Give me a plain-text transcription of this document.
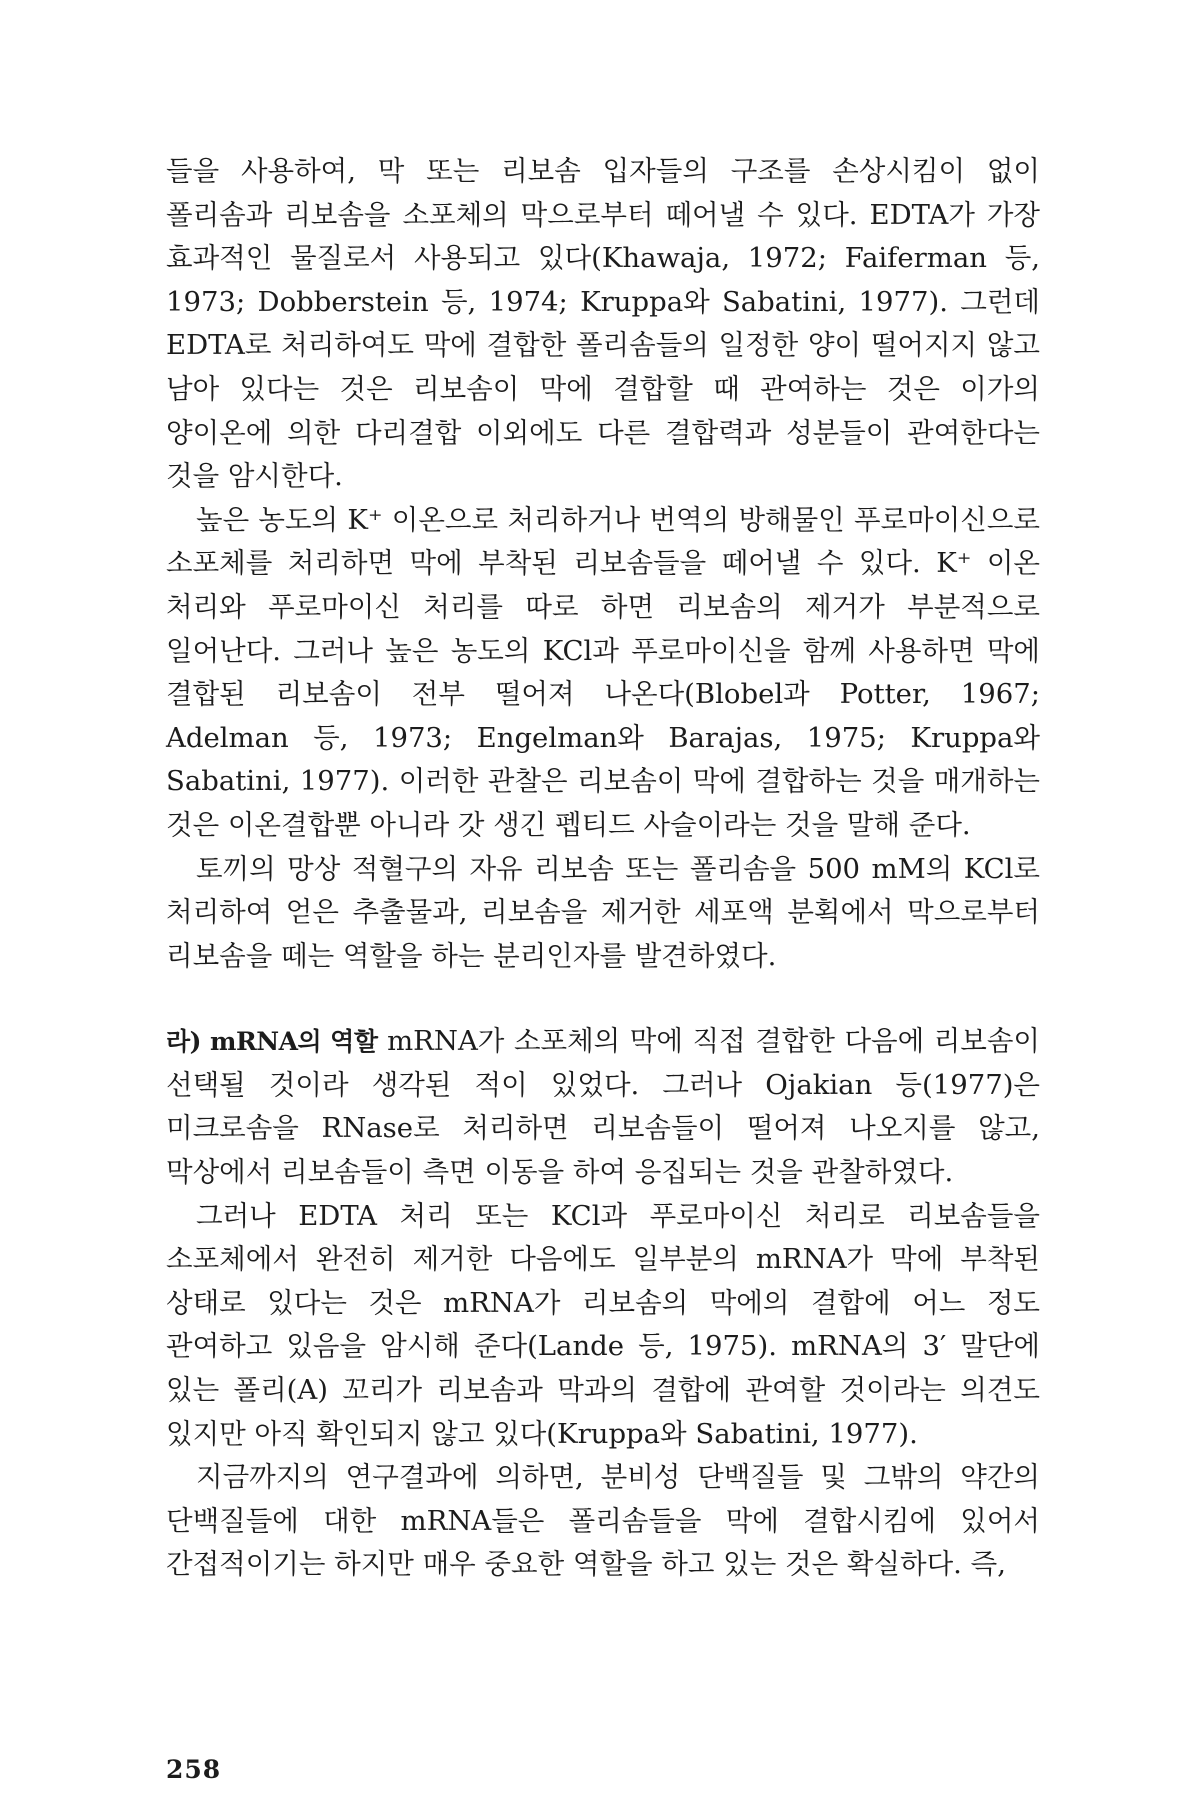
들을 사용하여, 막 또는 리보솜 입자들의 구조를 손상시킴이 없이 폴리솜과 리보솜을 소포체의 막으로부터 떼어낼 수 있다. EDTA가 가장 효과적인 물질로서 사용되고 있다(Khawaja, 1972; Faiferman 등, 1973; Dobberstein 등, 1974; Kruppa와 Sabatini, 1977). 그런데 EDTA로 처리하여도 막에 결합한 폴리솜들의 일정한 양이 떨어지지 않고 남아 있다는 것은 리보솜이 막에 결합할 때 관여하는 것은 이가의 양이온에 의한 다리결합 이외에도 다른 결합력과 성분들이 관여한다는 것을 암시한다.

높은 농도의 K⁺ 이온으로 처리하거나 번역의 방해물인 푸로마이신으로 소포체를 처리하면 막에 부착된 리보솜들을 떼어낼 수 있다. K⁺ 이온 처리와 푸로마이신 처리를 따로 하면 리보솜의 제거가 부분적으로 일어난다. 그러나 높은 농도의 KCl과 푸로마이신을 함께 사용하면 막에 결합된 리보솜이 전부 떨어져 나온다(Blobel과 Potter, 1967; Adelman 등, 1973; Engelman와 Barajas, 1975; Kruppa와 Sabatini, 1977). 이러한 관찰은 리보솜이 막에 결합하는 것을 매개하는 것은 이온결합뿐 아니라 갓 생긴 펩티드 사슬이라는 것을 말해 준다.

토끼의 망상 적혈구의 자유 리보솜 또는 폴리솜을 500 mM의 KCl로 처리하여 얻은 추출물과, 리보솜을 제거한 세포액 분획에서 막으로부터 리보솜을 떼는 역할을 하는 분리인자를 발견하였다.

라) mRNA의 역할 mRNA가 소포체의 막에 직접 결합한 다음에 리보솜이 선택될 것이라 생각된 적이 있었다. 그러나 Ojakian 등(1977)은 미크로솜을 RNase로 처리하면 리보솜들이 떨어져 나오지를 않고, 막상에서 리보솜들이 측면 이동을 하여 응집되는 것을 관찰하였다.

그러나 EDTA 처리 또는 KCl과 푸로마이신 처리로 리보솜들을 소포체에서 완전히 제거한 다음에도 일부분의 mRNA가 막에 부착된 상태로 있다는 것은 mRNA가 리보솜의 막에의 결합에 어느 정도 관여하고 있음을 암시해 준다(Lande 등, 1975). mRNA의 3′ 말단에 있는 폴리(A) 꼬리가 리보솜과 막과의 결합에 관여할 것이라는 의견도 있지만 아직 확인되지 않고 있다(Kruppa와 Sabatini, 1977).

지금까지의 연구결과에 의하면, 분비성 단백질들 및 그밖의 약간의 단백질들에 대한 mRNA들은 폴리솜들을 막에 결합시킴에 있어서 간접적이기는 하지만 매우 중요한 역할을 하고 있는 것은 확실하다. 즉,

258
